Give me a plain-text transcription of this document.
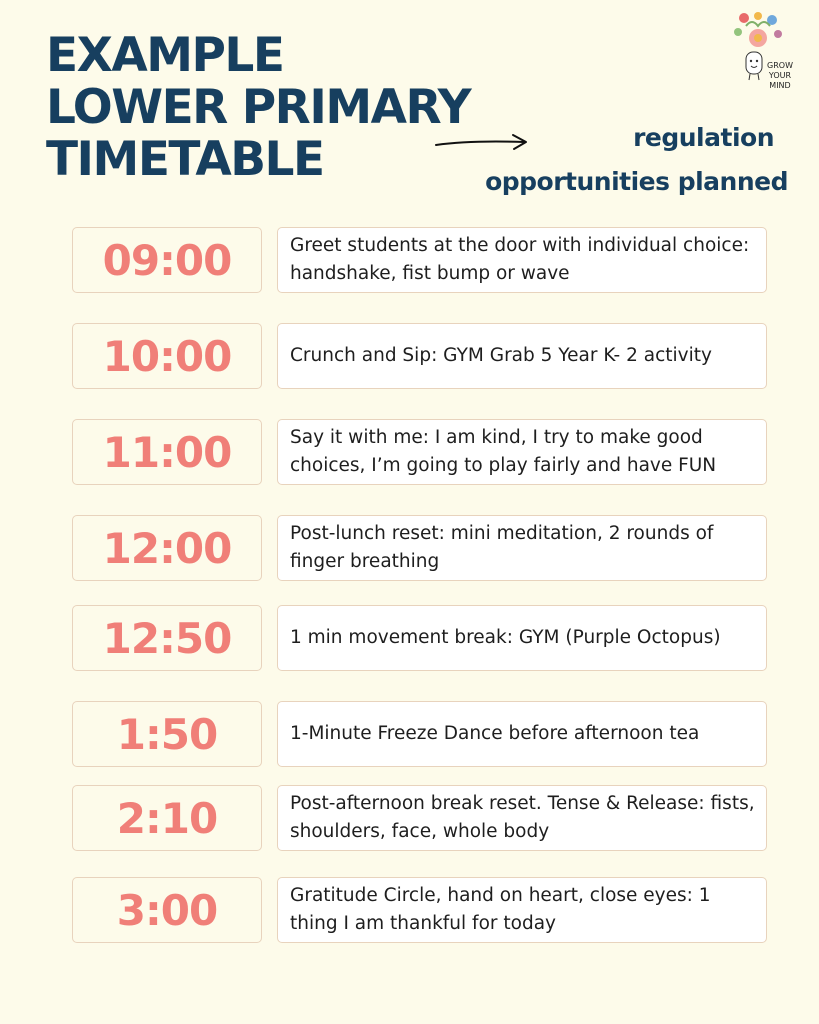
EXAMPLE
LOWER PRIMARY
TIMETABLE	regulation
opportunities planned
GROW
YOUR
MIND
09:00	Greet students at the door with individual choice: handshake, fist bump or wave
10:00	Crunch and Sip: GYM Grab 5 Year K- 2 activity
11:00	Say it with me: I am kind, I try to make good choices, I’m going to play fairly and have FUN
12:00	Post-lunch reset: mini meditation, 2 rounds of finger breathing
12:50	1 min movement break: GYM (Purple Octopus)
1:50	1-Minute Freeze Dance before afternoon tea
2:10	Post-afternoon break reset. Tense & Release: fists, shoulders, face, whole body
3:00	Gratitude Circle, hand on heart, close eyes: 1 thing I am thankful for today
